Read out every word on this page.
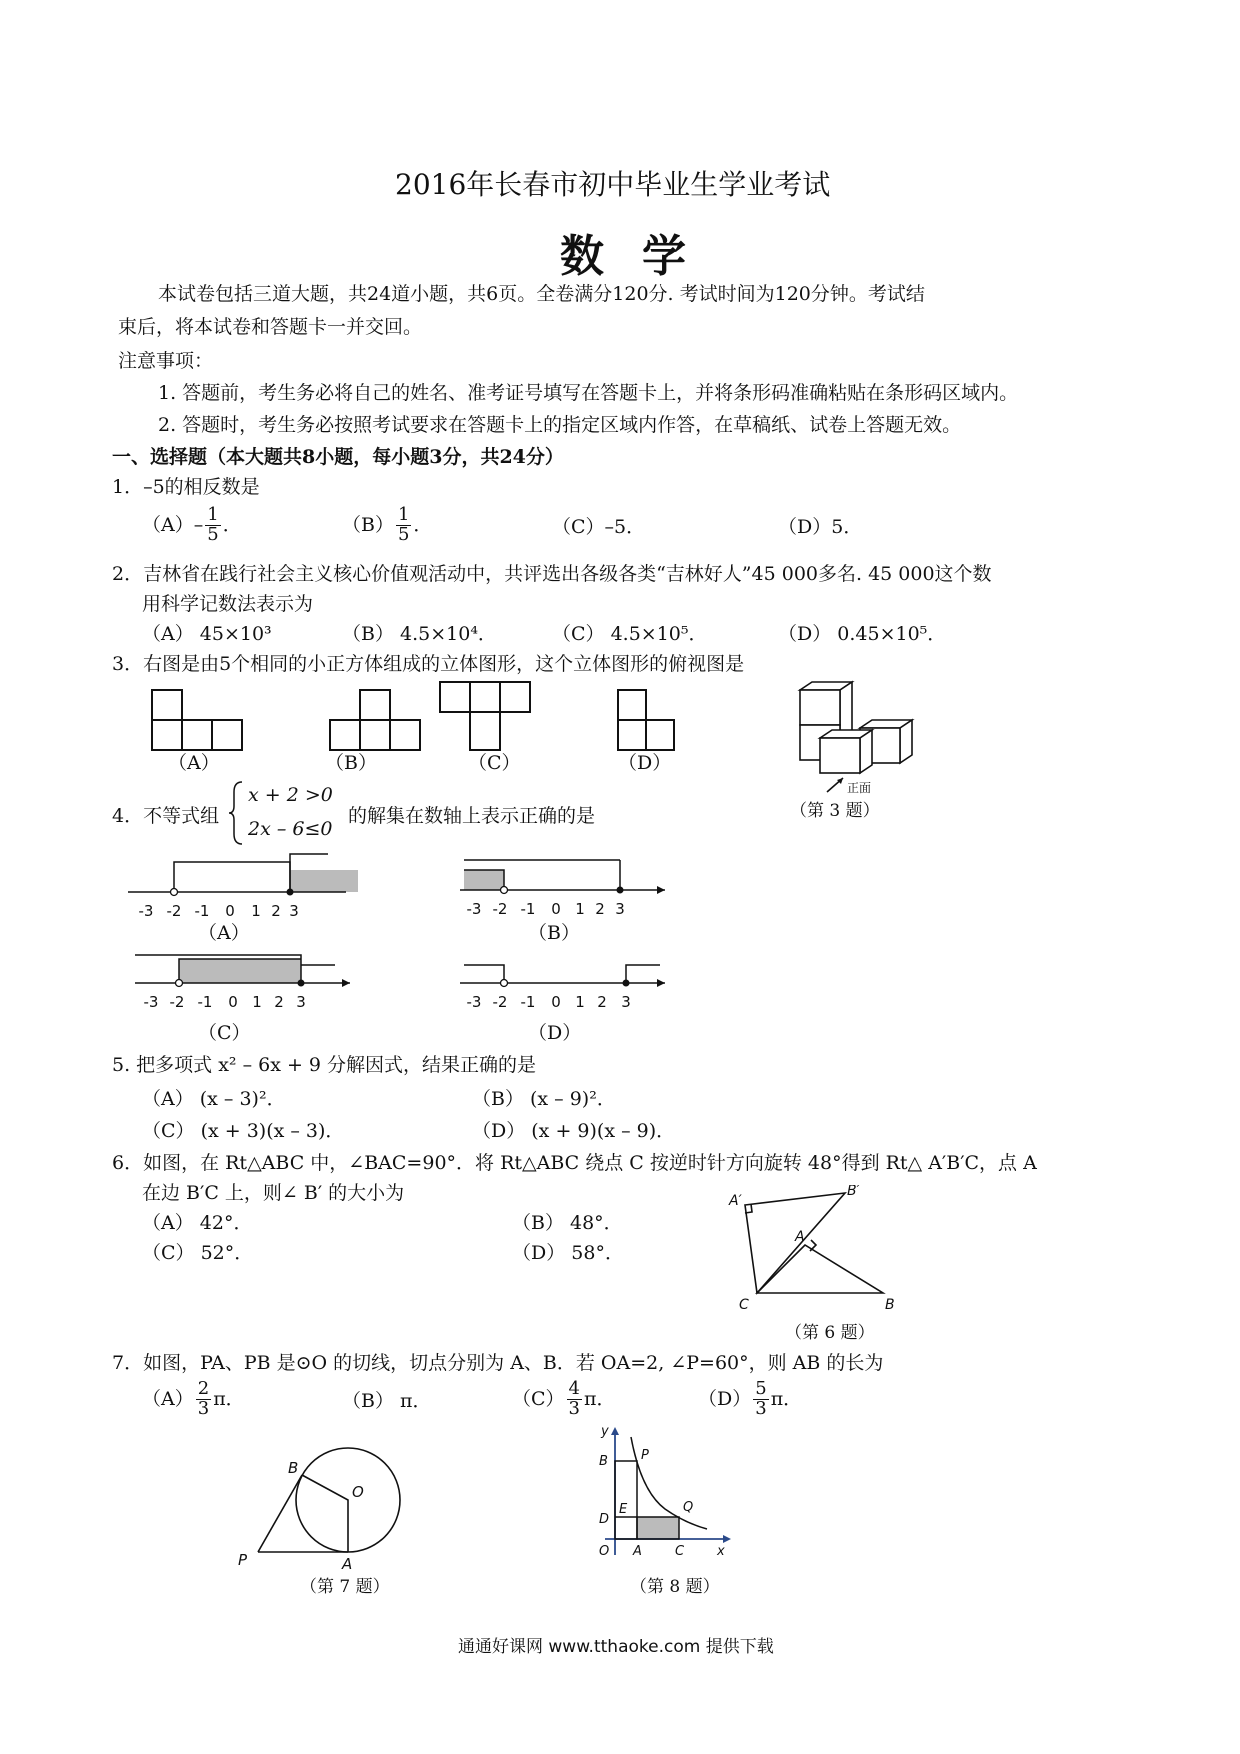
2016年长春市初中毕业生学业考试
数学
本试卷包括三道大题，共24道小题，共6页。全卷满分120分. 考试时间为120分钟。考试结
束后，将本试卷和答题卡一并交回。
注意事项：
1. 答题前，考生务必将自己的姓名、准考证号填写在答题卡上，并将条形码准确粘贴在条形码区域内。
2. 答题时，考生务必按照考试要求在答题卡上的指定区域内作答，在草稿纸、试卷上答题无效。
一、选择题（本大题共8小题，每小题3分，共24分）
1．–5的相反数是
$(A) - \frac{1}{5}$ ．	$(B) \frac{1}{5}$ ．	（C）–5．	（D）5．
2．吉林省在践行社会主义核心价值观活动中，共评选出各级各类“吉林好人”45 000多名. 45 000这个数
用科学记数法表示为
（A） 45×10³	（B） 4.5×10⁴．	（C） 4.5×10⁵．	（D） 0.45×10⁵．
3．右图是由5个相同的小正方体组成的立体图形，这个立体图形的俯视图是
（A）	（B）	（C）	（D）
正面
（第 3 题）
4．不等式组
x + 2 >0
2x – 6≤0
的解集在数轴上表示正确的是
-3 -2 -1 0 1 2 3
（A）
-3 -2 -1 0 1 2 3
（B）
-3 -2 -1 0 1 2 3
（C）
-3 -2 -1 0 1 2 3
（D）
5. 把多项式 x² – 6x + 9 分解因式，结果正确的是
（A） (x – 3)²．	（B） (x – 9)²．
（C） (x + 3)(x – 3)．	（D） (x + 9)(x – 9)．
6．如图，在 Rt△ABC 中，∠BAC=90°．将 Rt△ABC 绕点 C 按逆时针方向旋转 48°得到 Rt△ A′B′C，点 A
在边 B′C 上，则∠ B′ 的大小为
（A） 42°．	（B） 48°．
（C） 52°．	（D） 58°．
A′
B′
A
C	B
（第 6 题）
7．如图，PA、PB 是⊙O 的切线，切点分别为 A、B．若 OA=2, ∠P=60°，则 AB 的长为
$(A) \frac{2}{3}$ π．	（B） π．	$(C) \frac{4}{3}$ π．	$(D) \frac{5}{3}$ π．
B
O
P	A
（第 7 题）
y
B	P
E	Q
D
O A	C	x
（第 8 题）
通通好课网 www.tthaoke.com 提供下载
